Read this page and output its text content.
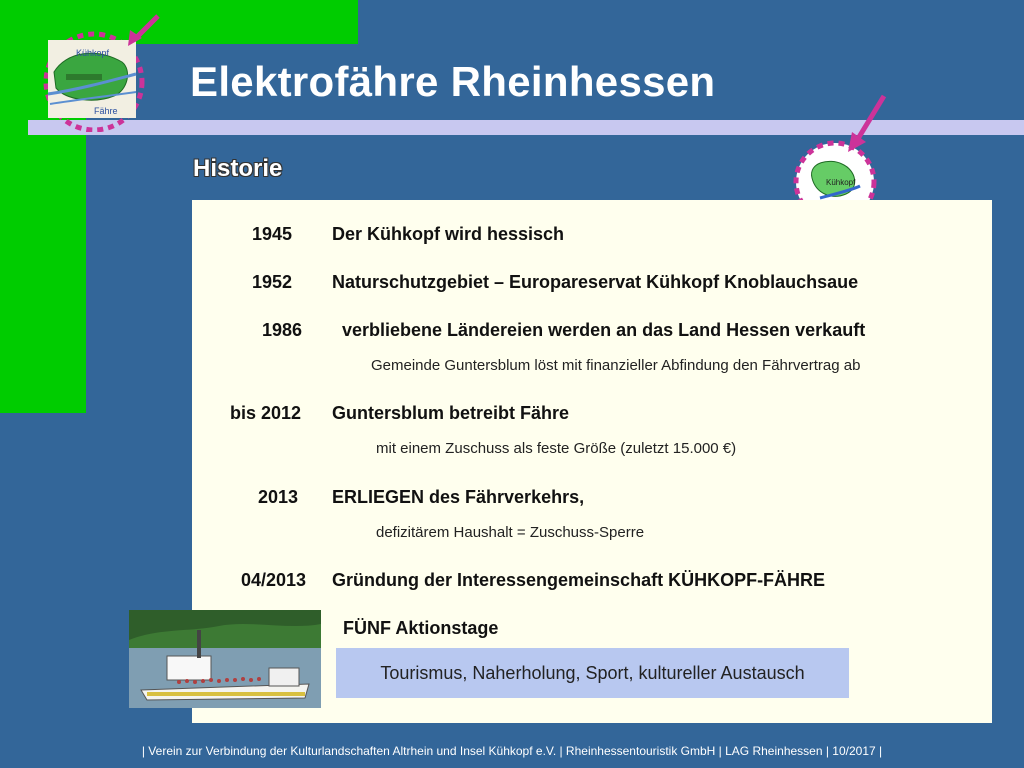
Kühkopf
Fähre
Elektrofähre Rheinhessen
Historie
Kühkopf
1945 Der Kühkopf wird hessisch
1952 Naturschutzgebiet – Europareservat Kühkopf Knoblauchsaue
1986 verbliebene Ländereien werden an das Land Hessen verkauft
Gemeinde Guntersblum löst mit finanzieller Abfindung den Fährvertrag ab
bis 2012 Guntersblum betreibt Fähre
mit einem Zuschuss als feste Größe (zuletzt 15.000 €)
2013 ERLIEGEN des Fährverkehrs,
defizitärem Haushalt = Zuschuss-Sperre
04/2013 Gründung der Interessengemeinschaft KÜHKOPF-FÄHRE
FÜNF Aktionstage
Tourismus, Naherholung, Sport, kultureller Austausch
| Verein zur Verbindung der Kulturlandschaften Altrhein und Insel Kühkopf e.V. | Rheinhessentouristik GmbH | LAG Rheinhessen | 10/2017 |
